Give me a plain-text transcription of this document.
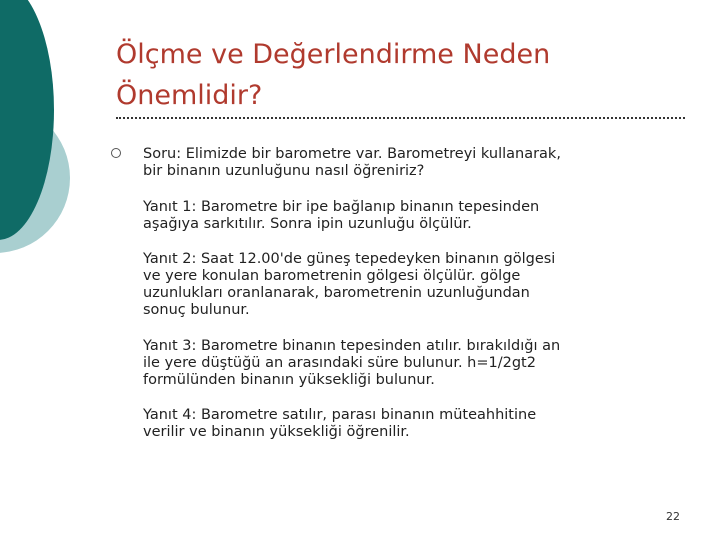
Ölçme ve Değerlendirme Neden
Önemlidir?

Soru: Elimizde bir barometre var. Barometreyi kullanarak,
bir binanın uzunluğunu nasıl öğreniriz?

Yanıt 1: Barometre bir ipe bağlanıp binanın tepesinden
aşağıya sarkıtılır. Sonra ipin uzunluğu ölçülür.

Yanıt 2: Saat 12.00'de güneş tepedeyken binanın gölgesi
ve yere konulan barometrenin gölgesi ölçülür. gölge
uzunlukları oranlanarak, barometrenin uzunluğundan
sonuç bulunur.

Yanıt 3: Barometre binanın tepesinden atılır. bırakıldığı an
ile yere düştüğü an arasındaki süre bulunur. h=1/2gt2
formülünden binanın yüksekliği bulunur.

Yanıt 4: Barometre satılır, parası binanın müteahhitine
verilir ve binanın yüksekliği öğrenilir.

22
